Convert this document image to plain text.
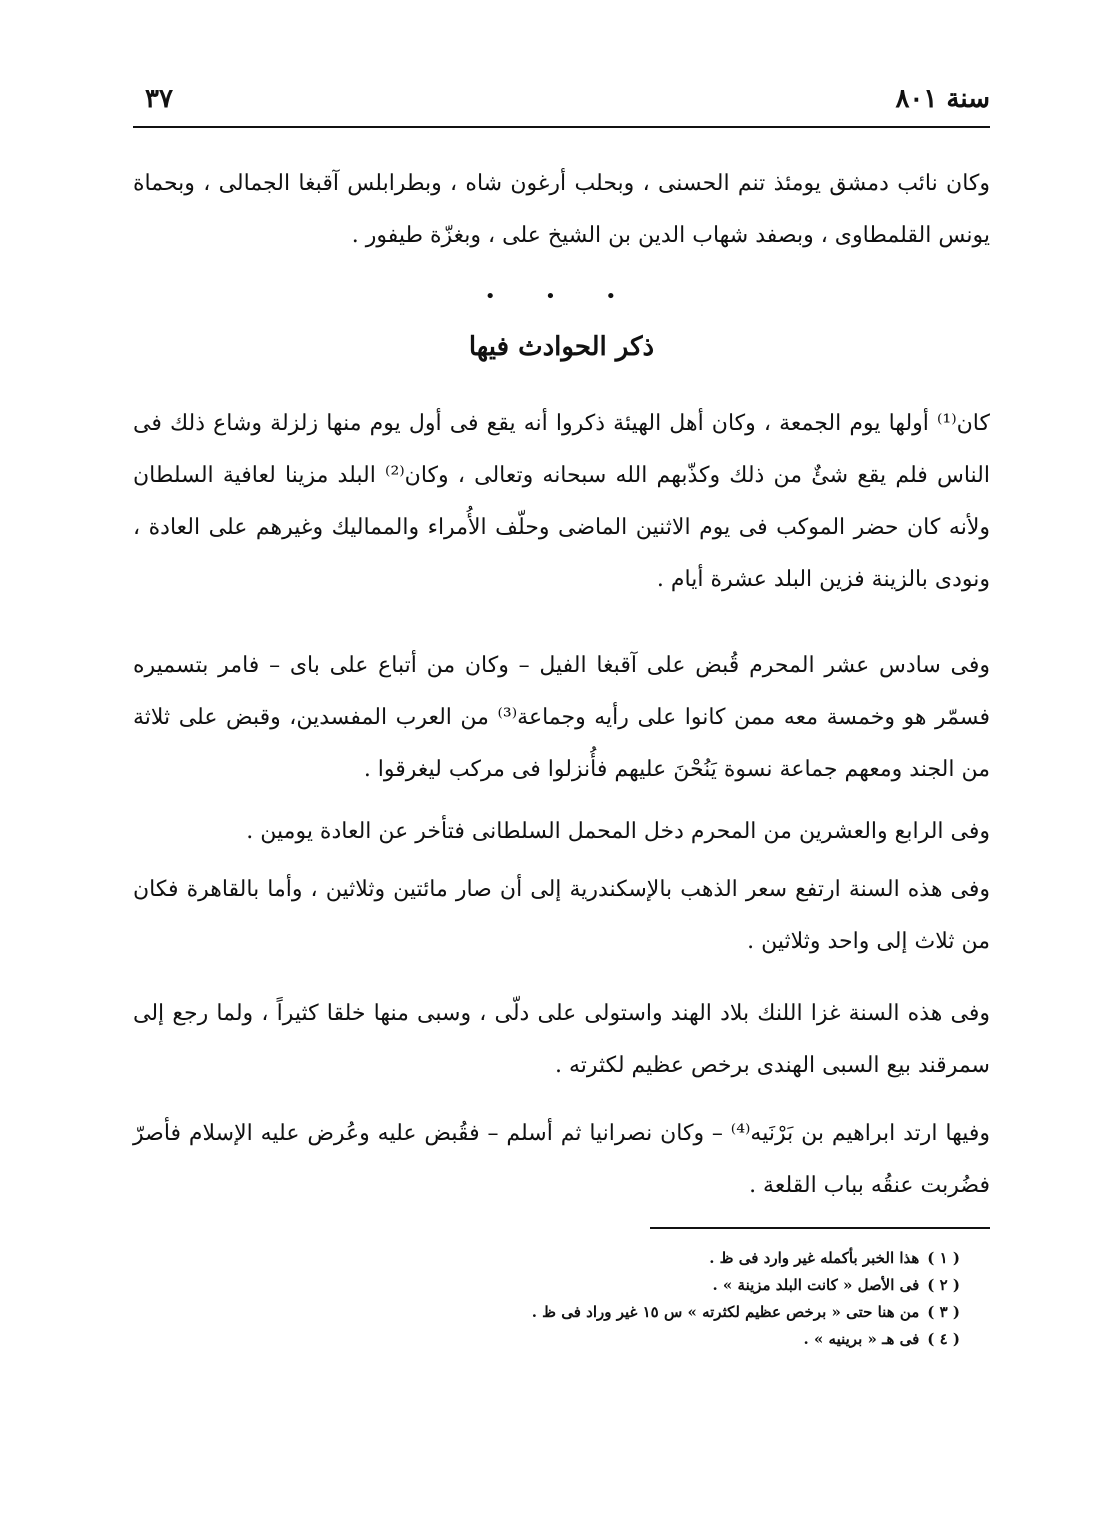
سنة ٨٠١
٣٧

وكان نائب دمشق يومئذ تنم الحسنى ، وبحلب أرغون شاه ، وبطرابلس آقبغا الجمالى ، وبحماة يونس القلمطاوى ، وبصفد شهاب الدين بن الشيخ على ، وبغزّة طيفور .

• • •
ذكر الحوادث فيها

كان⁽¹⁾ أولها يوم الجمعة ، وكان أهل الهيئة ذكروا أنه يقع فى أول يوم منها زلزلة وشاع ذلك فى الناس فلم يقع شئٌ من ذلك وكذّبهم الله سبحانه وتعالى ، وكان⁽²⁾ البلد مزينا لعافية السلطان ولأنه كان حضر الموكب فى يوم الاثنين الماضى وحلّف الأُمراء والمماليك وغيرهم على العادة ، ونودى بالزينة فزين البلد عشرة أيام .

وفى سادس عشر المحرم قُبض على آقبغا الفيل – وكان من أتباع على باى – فامر بتسميره فسمّر هو وخمسة معه ممن كانوا على رأيه وجماعة⁽³⁾ من العرب المفسدين، وقبض على ثلاثة من الجند ومعهم جماعة نسوة يَنُحْنَ عليهم فأُنزلوا فى مركب ليغرقوا .

وفى الرابع والعشرين من المحرم دخل المحمل السلطانى فتأخر عن العادة يومين .

وفى هذه السنة ارتفع سعر الذهب بالإسكندرية إلى أن صار مائتين وثلاثين ، وأما بالقاهرة فكان من ثلاث إلى واحد وثلاثين .

وفى هذه السنة غزا اللنك بلاد الهند واستولى على دلّى ، وسبى منها خلقا كثيراً ، ولما رجع إلى سمرقند بيع السبى الهندى برخص عظيم لكثرته .

وفيها ارتد ابراهيم بن بَرْنَيه⁽⁴⁾ – وكان نصرانيا ثم أسلم – فقُبض عليه وعُرض عليه الإسلام فأصرّ فضُربت عنقُه بباب القلعة .

( ١ )هذا الخبر بأكمله غير وارد فى ظ .

( ٢ )فى الأصل « كانت البلد مزينة » .

( ٣ )من هنا حتى « برخص عظيم لكثرته » س ١٥ غير وراد فى ظ .

( ٤ )فى هـ « برينيه » .
